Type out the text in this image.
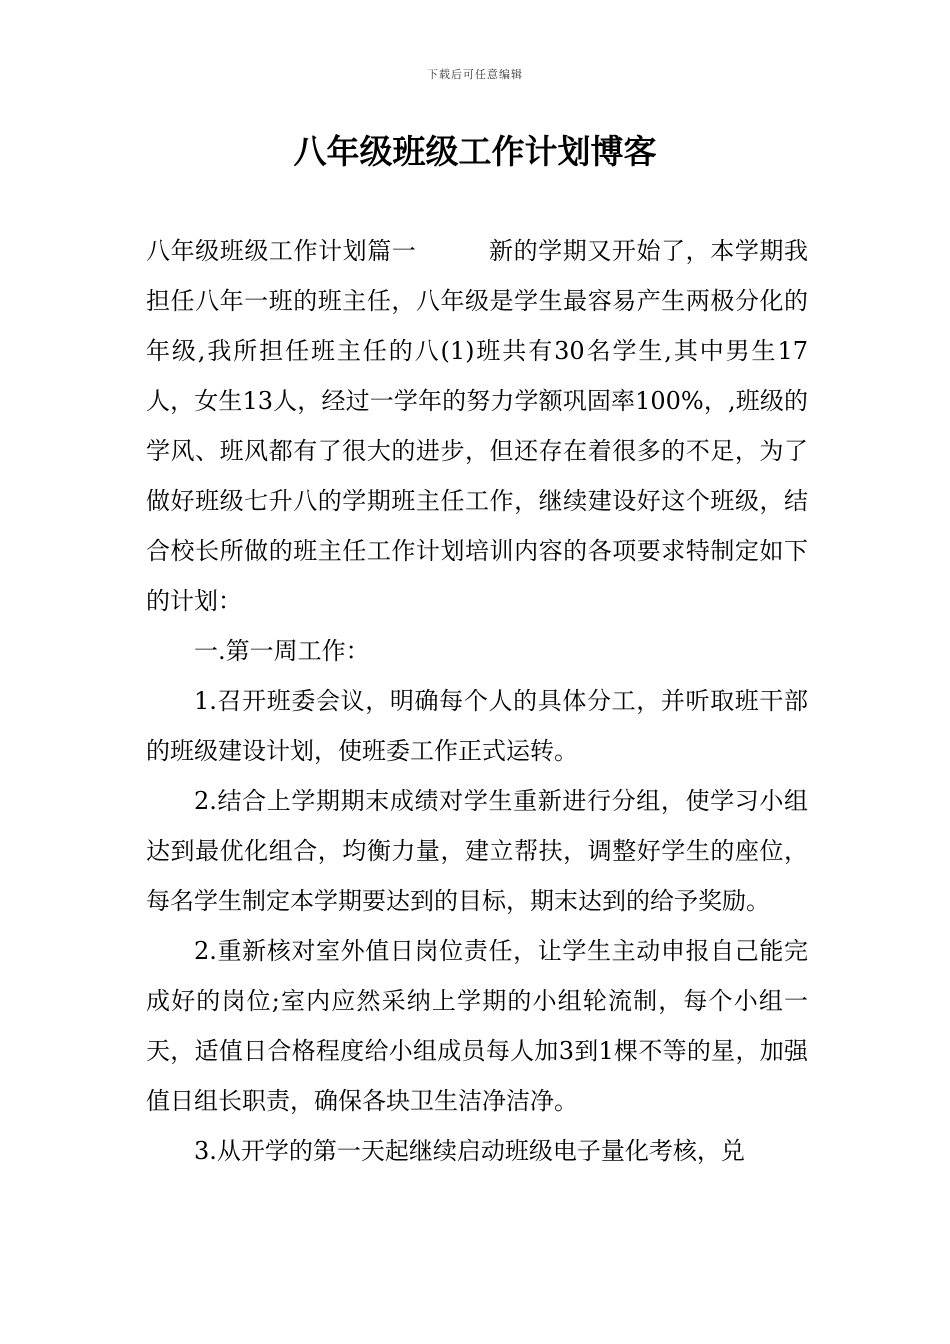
下载后可任意编辑
八年级班级工作计划博客

八年级班级工作计划篇一	新的学期又开始了，本学期我担任八年一班的班主任，八年级是学生最容易产生两极分化的年级,我所担任班主任的八(1)班共有30名学生,其中男生17人，女生13人，经过一学年的努力学额巩固率100%，,班级的学风、班风都有了很大的进步，但还存在着很多的不足，为了做好班级七升八的学期班主任工作，继续建设好这个班级，结合校长所做的班主任工作计划培训内容的各项要求特制定如下的计划：

一.第一周工作：

1.召开班委会议，明确每个人的具体分工，并听取班干部的班级建设计划，使班委工作正式运转。

2.结合上学期期末成绩对学生重新进行分组，使学习小组达到最优化组合，均衡力量，建立帮扶，调整好学生的座位，每名学生制定本学期要达到的目标，期末达到的给予奖励。

2.重新核对室外值日岗位责任，让学生主动申报自己能完成好的岗位;室内应然采纳上学期的小组轮流制，每个小组一天，适值日合格程度给小组成员每人加3到1棵不等的星，加强值日组长职责，确保各块卫生洁净洁净。

3.从开学的第一天起继续启动班级电子量化考核，兑
